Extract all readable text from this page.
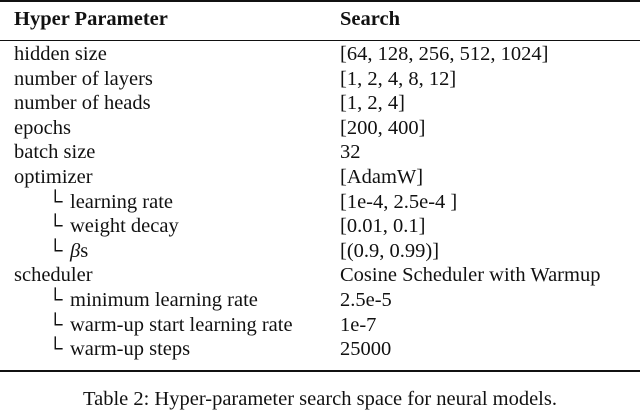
Hyper Parameter	Search
hidden size	[64, 128, 256, 512, 1024]
number of layers	[1, 2, 4, 8, 12]
number of heads	[1, 2, 4]
epochs	[200, 400]
batch size	32
optimizer	[AdamW]
└ learning rate	[1e-4, 2.5e-4 ]
└ weight decay	[0.01, 0.1]
└ βs	[(0.9, 0.99)]
scheduler	Cosine Scheduler with Warmup
└ minimum learning rate	2.5e-5
└ warm-up start learning rate 1e-7
└ warm-up steps	25000
Table 2: Hyper-parameter search space for neural models.
